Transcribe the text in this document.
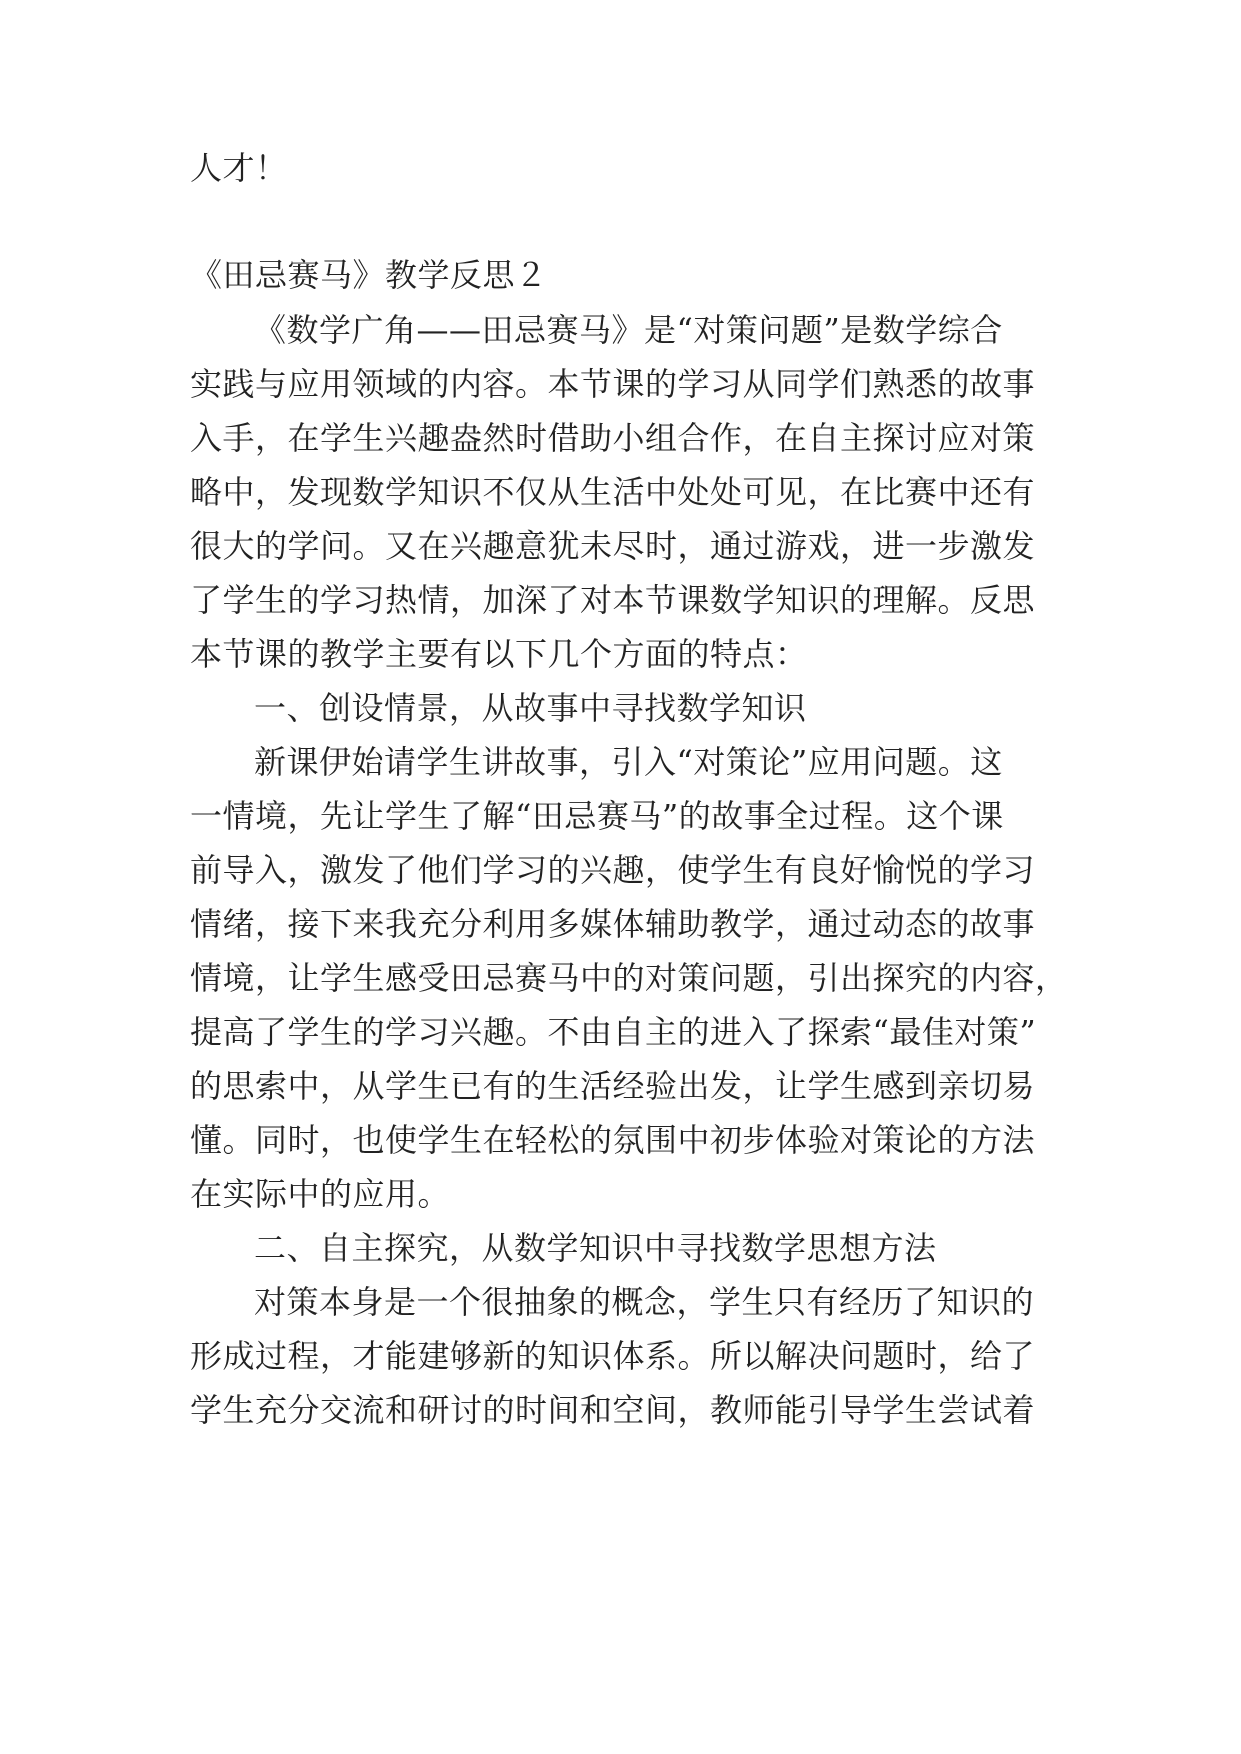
人才！
《田忌赛马》教学反思２
《数学广角——田忌赛马》是“对策问题”是数学综合
实践与应用领域的内容。本节课的学习从同学们熟悉的故事
入手，在学生兴趣盎然时借助小组合作，在自主探讨应对策
略中，发现数学知识不仅从生活中处处可见，在比赛中还有
很大的学问。又在兴趣意犹未尽时，通过游戏，进一步激发
了学生的学习热情，加深了对本节课数学知识的理解。反思
本节课的教学主要有以下几个方面的特点：
一、创设情景，从故事中寻找数学知识
新课伊始请学生讲故事，引入“对策论”应用问题。这
一情境，先让学生了解“田忌赛马”的故事全过程。这个课
前导入，激发了他们学习的兴趣，使学生有良好愉悦的学习
情绪，接下来我充分利用多媒体辅助教学，通过动态的故事
情境，让学生感受田忌赛马中的对策问题，引出探究的内容，
提高了学生的学习兴趣。不由自主的进入了探索“最佳对策”
的思索中，从学生已有的生活经验出发，让学生感到亲切易
懂。同时，也使学生在轻松的氛围中初步体验对策论的方法
在实际中的应用。
二、自主探究，从数学知识中寻找数学思想方法
对策本身是一个很抽象的概念，学生只有经历了知识的
形成过程，才能建够新的知识体系。所以解决问题时，给了
学生充分交流和研讨的时间和空间，教师能引导学生尝试着
